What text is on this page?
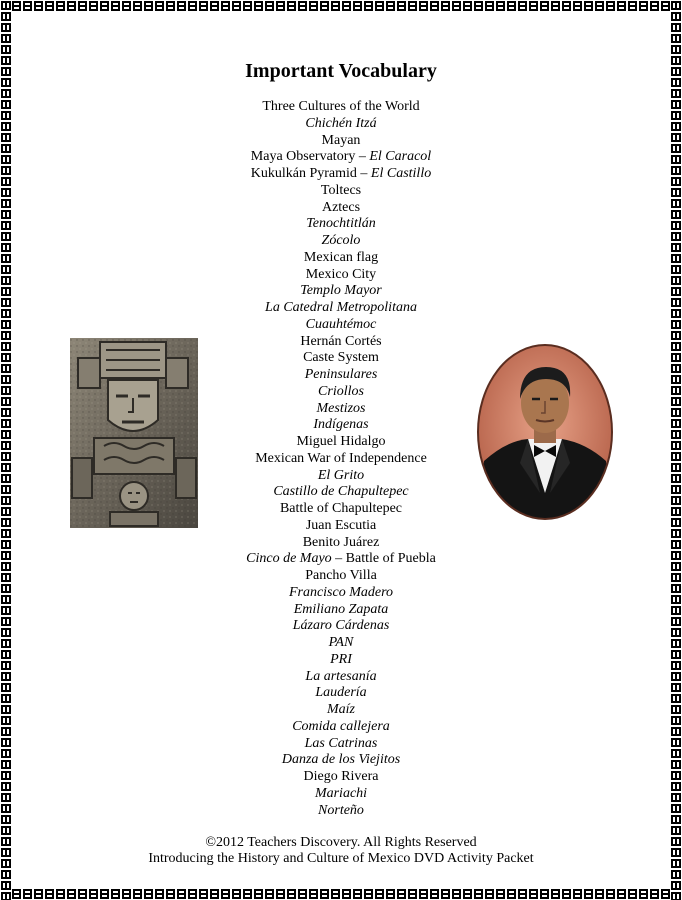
Important Vocabulary
Three Cultures of the World
Chichén Itzá
Mayan
Maya Observatory – El Caracol
Kukulkán Pyramid – El Castillo
Toltecs
Aztecs
Tenochtitlán
Zócolo
Mexican flag
Mexico City
Templo Mayor
La Catedral Metropolitana
Cuauhtémoc
Hernán Cortés
Caste System
Peninsulares
Criollos
Mestizos
Indígenas
Miguel Hidalgo
Mexican War of Independence
El Grito
Castillo de Chapultepec
Battle of Chapultepec
Juan Escutia
Benito Juárez
Cinco de Mayo – Battle of Puebla
Pancho Villa
Francisco Madero
Emiliano Zapata
Lázaro Cárdenas
PAN
PRI
La artesanía
Laudería
Maíz
Comida callejera
Las Catrinas
Danza de los Viejitos
Diego Rivera
Mariachi
Norteño
©2012 Teachers Discovery. All Rights Reserved
Introducing the History and Culture of Mexico DVD Activity Packet
